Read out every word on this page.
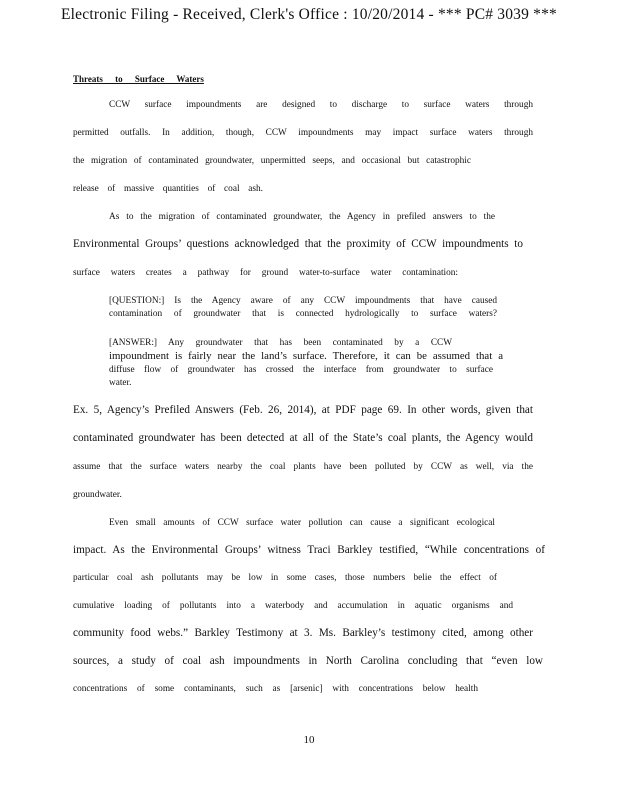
Electronic Filing - Received, Clerk's Office : 10/20/2014 - *** PC# 3039 ***
Threats to Surface Waters
CCW surface impoundments are designed to discharge to surface waters through
permitted outfalls. In addition, though, CCW impoundments may impact surface waters through
the migration of contaminated groundwater, unpermitted seeps, and occasional but catastrophic
release of massive quantities of coal ash.
As to the migration of contaminated groundwater, the Agency in prefiled answers to the
Environmental Groups’ questions acknowledged that the proximity of CCW impoundments to
surface waters creates a pathway for ground water-to-surface water contamination:
[QUESTION:] Is the Agency aware of any CCW impoundments that have caused
contamination of groundwater that is connected hydrologically to surface waters?
[ANSWER:] Any groundwater that has been contaminated by a CCW
impoundment is fairly near the land’s surface. Therefore, it can be assumed that a
diffuse flow of groundwater has crossed the interface from groundwater to surface
water.
Ex. 5, Agency’s Prefiled Answers (Feb. 26, 2014), at PDF page 69. In other words, given that
contaminated groundwater has been detected at all of the State’s coal plants, the Agency would
assume that the surface waters nearby the coal plants have been polluted by CCW as well, via the
groundwater.
Even small amounts of CCW surface water pollution can cause a significant ecological
impact. As the Environmental Groups’ witness Traci Barkley testified, “While concentrations of
particular coal ash pollutants may be low in some cases, those numbers belie the effect of
cumulative loading of pollutants into a waterbody and accumulation in aquatic organisms and
community food webs.” Barkley Testimony at 3. Ms. Barkley’s testimony cited, among other
sources, a study of coal ash impoundments in North Carolina concluding that “even low
concentrations of some contaminants, such as [arsenic] with concentrations below health
10
